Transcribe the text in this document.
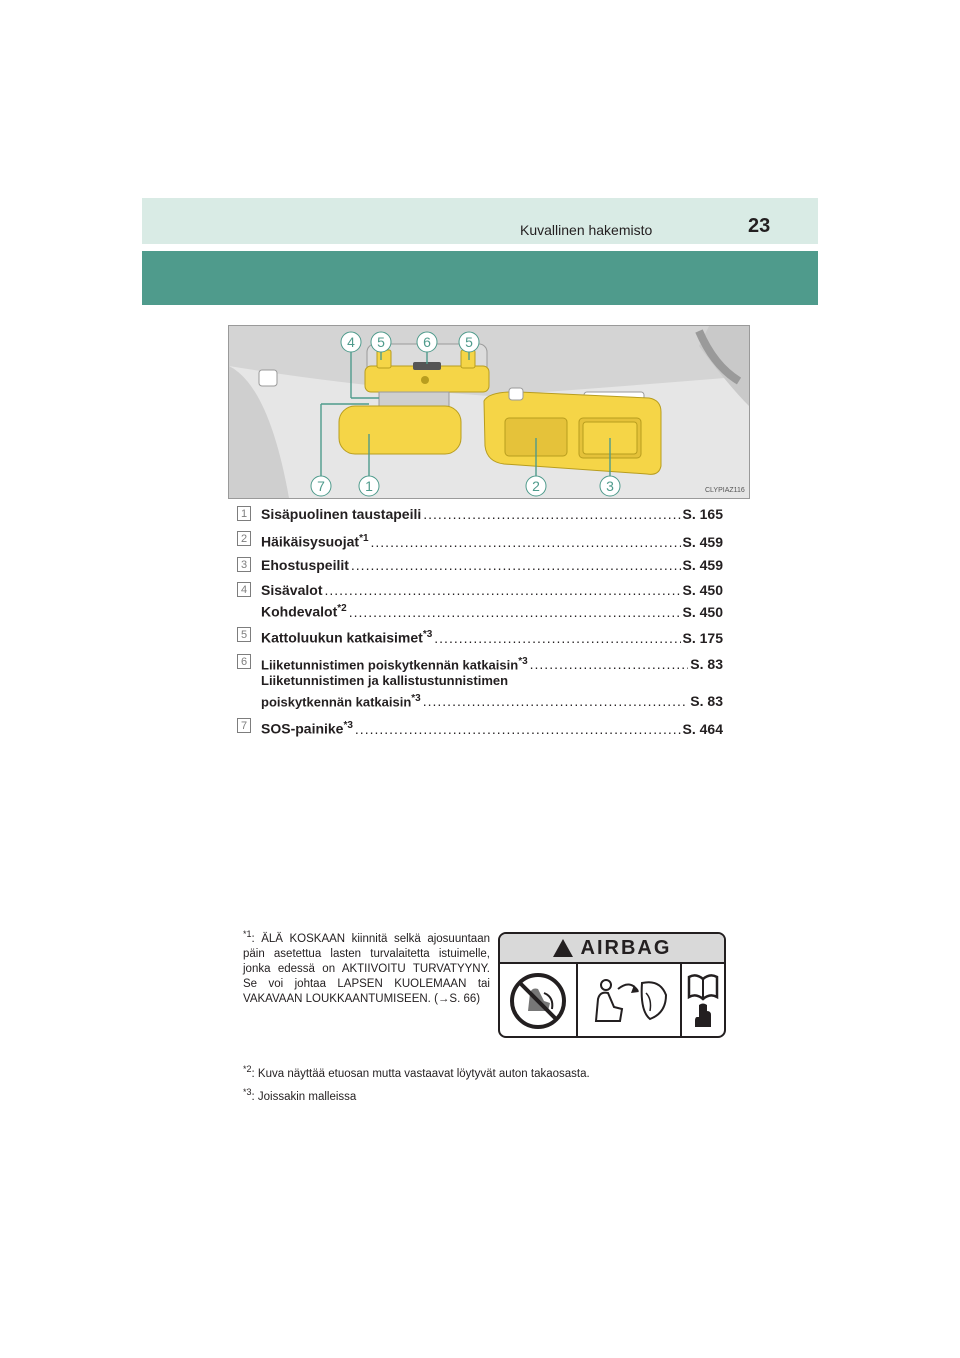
Kuvallinen hakemisto	23
4 5	6 5
7	1	2	3	CLYPIAZ116
1 Sisäpuolinen taustapeili .....	S. 165
2 Häikäisysuojat$^{*1}$ .....	S. 459
3 Ehostuspeilit .....	S. 459
4 Sisävalot .....	S. 450
Kohdevalot$^{*2}$ .....	S. 450
5 Kattoluukun katkaisimet$^{*3}$ .....	S. 175
6	Liiketunnistimen poiskytkennän katkaisin$^{*3}$ .....	S. 83
Liiketunnistimen ja kallistustunnistimen
poiskytkennän katkaisin$^{*3}$ .....	S. 83
7 SOS-painike$^{*3}$ .....	S. 464
$^{*1}$: ÄLÄ KOSKAAN kiinnitä selkä ajosuuntaan päin asetettua lasten turvalaitetta istuimelle, jonka edessä on AKTIIVOITU TURVATYYNY. Se voi johtaa LAPSEN KUOLEMAAN tai VAKAVAAN LOUKKAANTUMISEEN. (→S. 66)
AIRBAG
$^{*2}$: Kuva näyttää etuosan mutta vastaavat löytyvät auton takaosasta.
$^{*3}$: Joissakin malleissa
